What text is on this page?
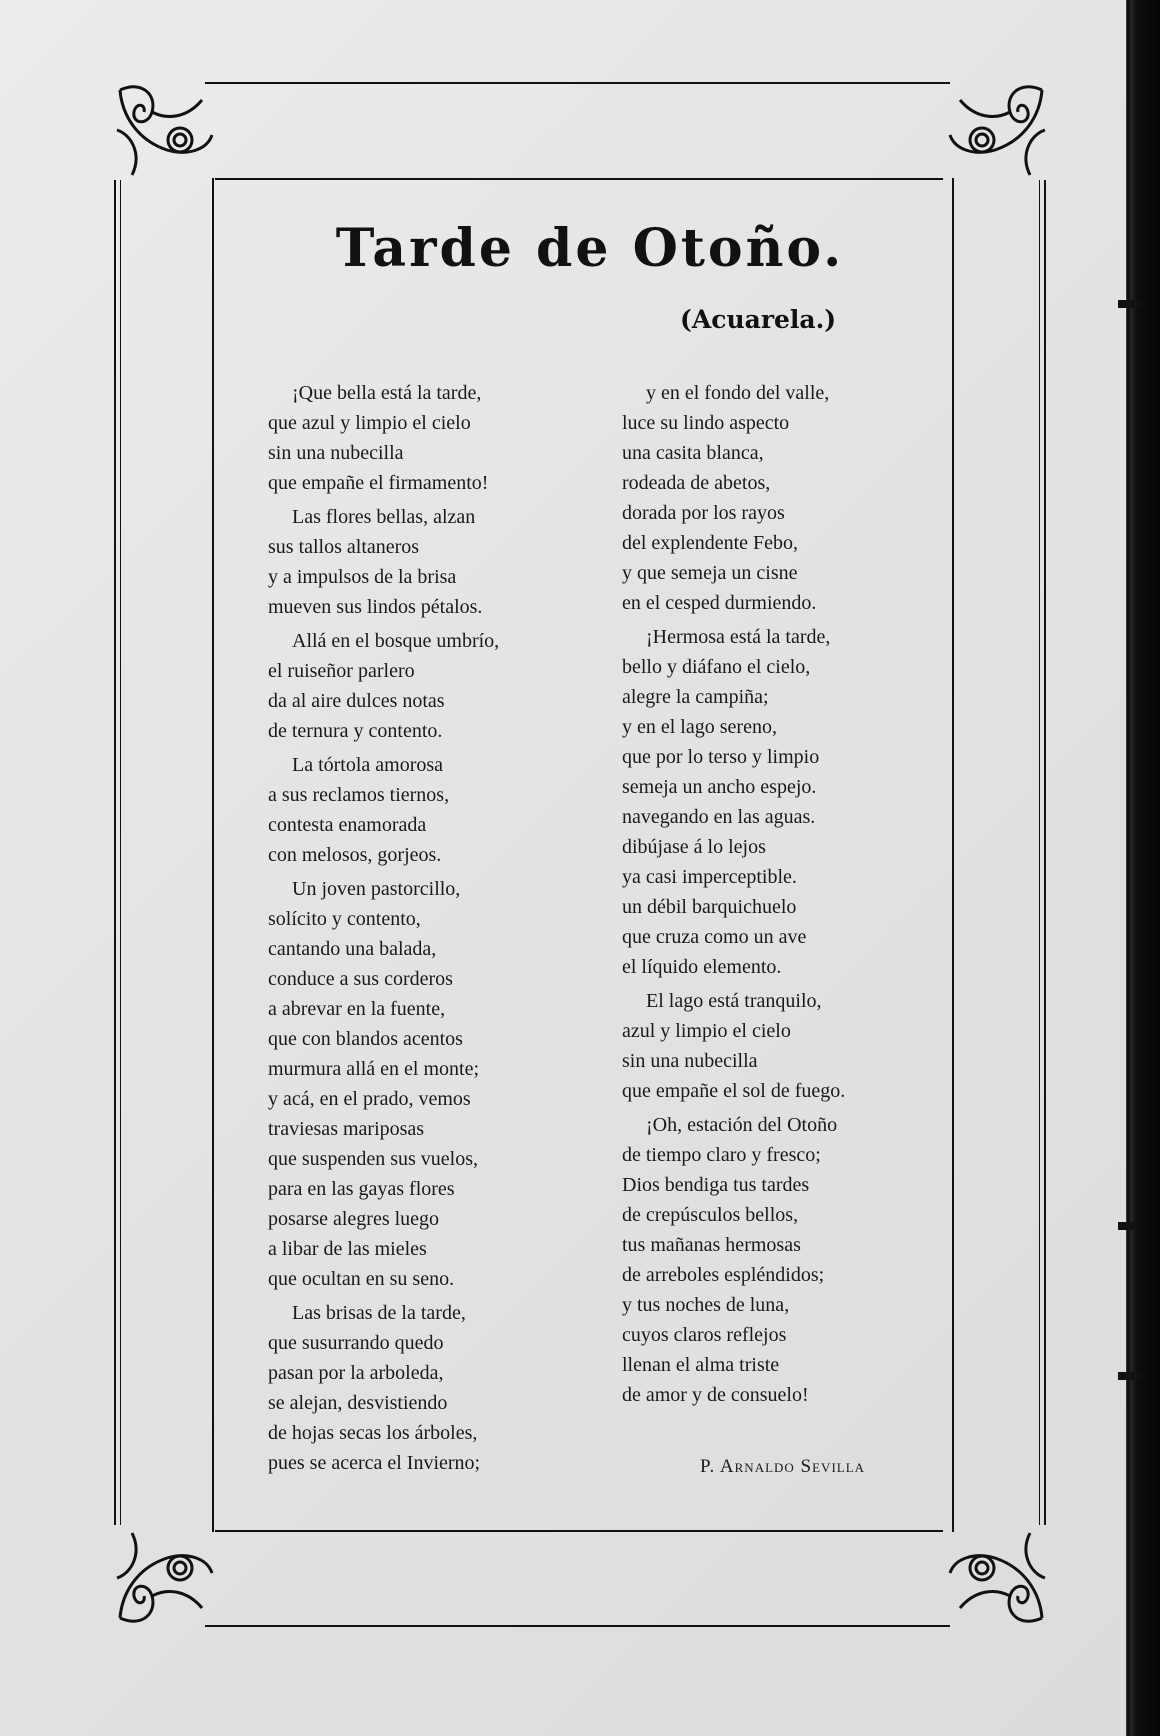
Tarde de Otoño.
(Acuarela.)
¡Que bella está la tarde,
que azul y limpio el cielo
sin una nubecilla
que empañe el firmamento!
Las flores bellas, alzan
sus tallos altaneros
y a impulsos de la brisa
mueven sus lindos pétalos.
Allá en el bosque umbrío,
el ruiseñor parlero
da al aire dulces notas
de ternura y contento.
La tórtola amorosa
a sus reclamos tiernos,
contesta enamorada
con melosos, gorjeos.
Un joven pastorcillo,
solícito y contento,
cantando una balada,
conduce a sus corderos
a abrevar en la fuente,
que con blandos acentos
murmura allá en el monte;
y acá, en el prado, vemos
traviesas mariposas
que suspenden sus vuelos,
para en las gayas flores
posarse alegres luego
a libar de las mieles
que ocultan en su seno.
Las brisas de la tarde,
que susurrando quedo
pasan por la arboleda,
se alejan, desvistiendo
de hojas secas los árboles,
pues se acerca el Invierno;
y en el fondo del valle,
luce su lindo aspecto
una casita blanca,
rodeada de abetos,
dorada por los rayos
del explendente Febo,
y que semeja un cisne
en el cesped durmiendo.
¡Hermosa está la tarde,
bello y diáfano el cielo,
alegre la campiña;
y en el lago sereno,
que por lo terso y limpio
semeja un ancho espejo.
navegando en las aguas.
dibújase á lo lejos
ya casi imperceptible.
un débil barquichuelo
que cruza como un ave
el líquido elemento.
El lago está tranquilo,
azul y limpio el cielo
sin una nubecilla
que empañe el sol de fuego.
¡Oh, estación del Otoño
de tiempo claro y fresco;
Dios bendiga tus tardes
de crepúsculos bellos,
tus mañanas hermosas
de arreboles espléndidos;
y tus noches de luna,
cuyos claros reflejos
llenan el alma triste
de amor y de consuelo!
P. Arnaldo Sevilla
